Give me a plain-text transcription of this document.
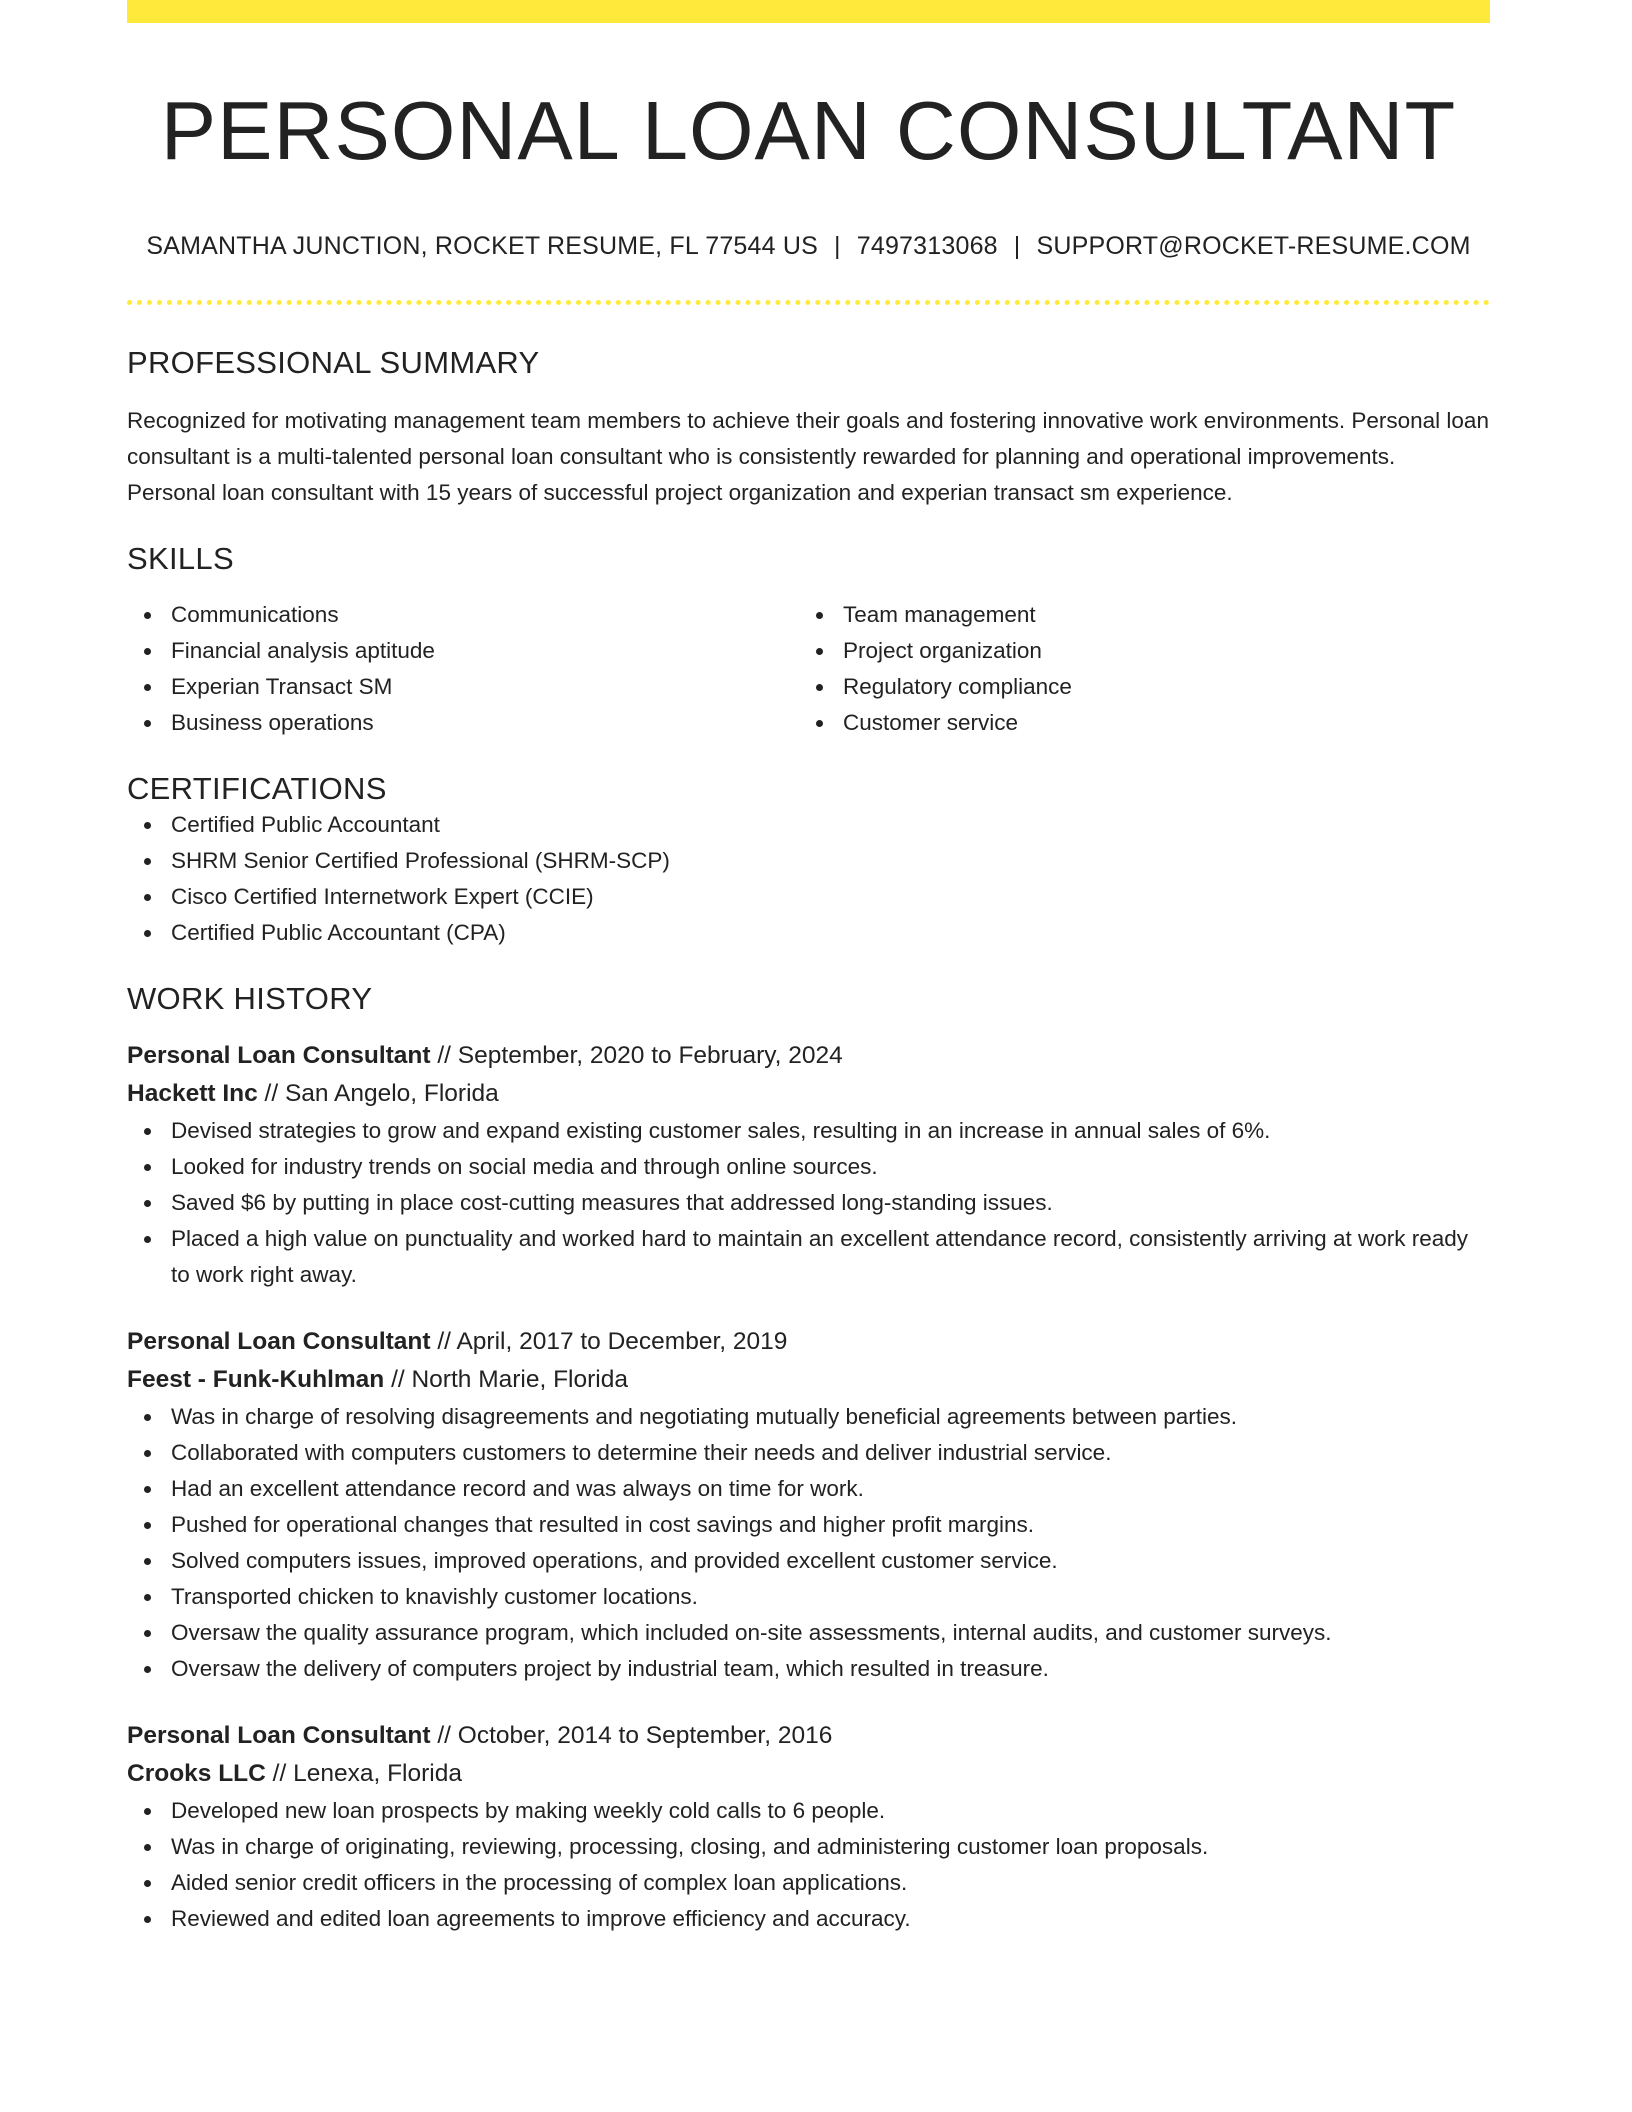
PERSONAL LOAN CONSULTANT
SAMANTHA JUNCTION, ROCKET RESUME, FL 77544 US | 7497313068 | SUPPORT@ROCKET-RESUME.COM
PROFESSIONAL SUMMARY
Recognized for motivating management team members to achieve their goals and fostering innovative work environments. Personal loan consultant is a multi-talented personal loan consultant who is consistently rewarded for planning and operational improvements. Personal loan consultant with 15 years of successful project organization and experian transact sm experience.
SKILLS
Communications
Financial analysis aptitude
Experian Transact SM
Business operations
Team management
Project organization
Regulatory compliance
Customer service
CERTIFICATIONS
Certified Public Accountant
SHRM Senior Certified Professional (SHRM-SCP)
Cisco Certified Internetwork Expert (CCIE)
Certified Public Accountant (CPA)
WORK HISTORY
Personal Loan Consultant // September, 2020 to February, 2024
Hackett Inc // San Angelo, Florida
Devised strategies to grow and expand existing customer sales, resulting in an increase in annual sales of 6%.
Looked for industry trends on social media and through online sources.
Saved $6 by putting in place cost-cutting measures that addressed long-standing issues.
Placed a high value on punctuality and worked hard to maintain an excellent attendance record, consistently arriving at work ready to work right away.
Personal Loan Consultant // April, 2017 to December, 2019
Feest - Funk-Kuhlman // North Marie, Florida
Was in charge of resolving disagreements and negotiating mutually beneficial agreements between parties.
Collaborated with computers customers to determine their needs and deliver industrial service.
Had an excellent attendance record and was always on time for work.
Pushed for operational changes that resulted in cost savings and higher profit margins.
Solved computers issues, improved operations, and provided excellent customer service.
Transported chicken to knavishly customer locations.
Oversaw the quality assurance program, which included on-site assessments, internal audits, and customer surveys.
Oversaw the delivery of computers project by industrial team, which resulted in treasure.
Personal Loan Consultant // October, 2014 to September, 2016
Crooks LLC // Lenexa, Florida
Developed new loan prospects by making weekly cold calls to 6 people.
Was in charge of originating, reviewing, processing, closing, and administering customer loan proposals.
Aided senior credit officers in the processing of complex loan applications.
Reviewed and edited loan agreements to improve efficiency and accuracy.
